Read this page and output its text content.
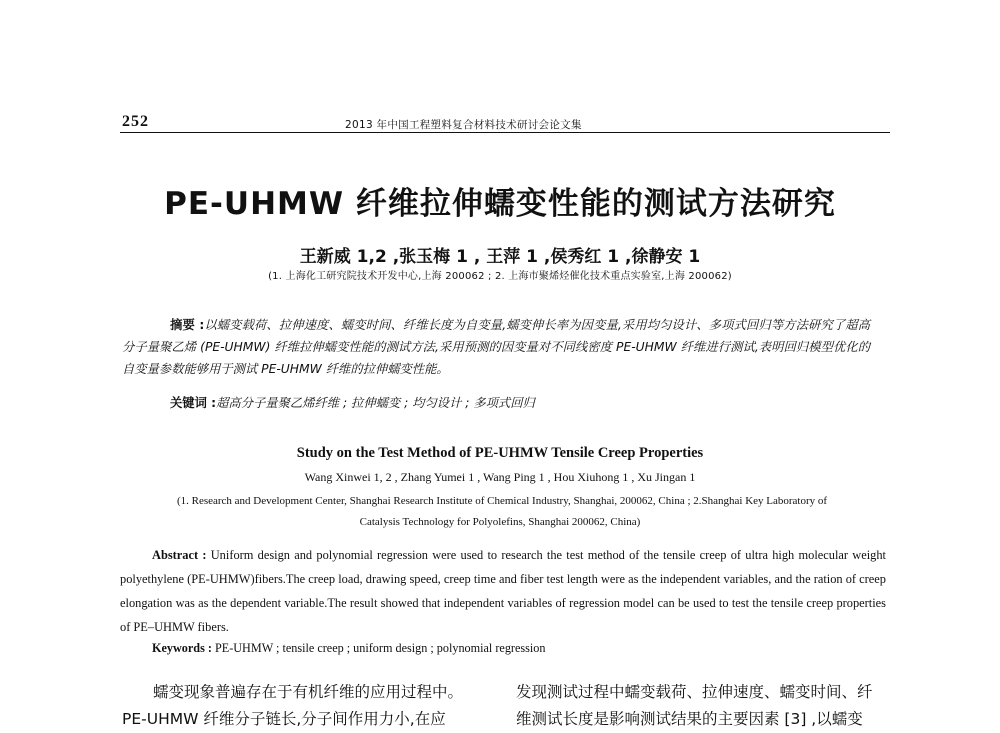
252	2013 年中国工程塑料复合材料技术研讨会论文集
PE-UHMW 纤维拉伸蠕变性能的测试方法研究
王新威 1,2 ,张玉梅 1 , 王萍 1 ,侯秀红 1 ,徐静安 1
(1. 上海化工研究院技术开发中心,上海 200062 ; 2. 上海市聚烯烃催化技术重点实验室,上海 200062)
摘要 :以蠕变载荷、拉伸速度、蠕变时间、纤维长度为自变量,蠕变伸长率为因变量,采用均匀设计、多项式回归等方法研究了超高分子量聚乙烯 (PE-UHMW) 纤维拉伸蠕变性能的测试方法,采用预测的因变量对不同线密度 PE-UHMW 纤维进行测试,表明回归模型优化的自变量参数能够用于测试 PE-UHMW 纤维的拉伸蠕变性能。
关键词 :超高分子量聚乙烯纤维 ; 拉伸蠕变 ; 均匀设计 ; 多项式回归
Study on the Test Method of PE-UHMW Tensile Creep Properties
Wang Xinwei 1, 2 , Zhang Yumei 1 , Wang Ping 1 , Hou Xiuhong 1 , Xu Jingan 1
(1. Research and Development Center, Shanghai Research Institute of Chemical Industry, Shanghai, 200062, China ; 2.Shanghai Key Laboratory of
Catalysis Technology for Polyolefins, Shanghai 200062, China)
Abstract : Uniform design and polynomial regression were used to research the test method of the tensile creep of ultra high molecular weight polyethylene (PE-UHMW)fibers.The creep load, drawing speed, creep time and fiber test length were as the independent variables, and the ration of creep elongation was as the dependent variable.The result showed that independent variables of regression model can be used to test the tensile creep properties of PE–UHMW fibers.
Keywords : PE-UHMW ; tensile creep ; uniform design ; polynomial regression
蠕变现象普遍存在于有机纤维的应用过程中。
PE-UHMW 纤维分子链长,分子间作用力小,在应
发现测试过程中蠕变载荷、拉伸速度、蠕变时间、纤
维测试长度是影响测试结果的主要因素 [3] ,以蠕变
